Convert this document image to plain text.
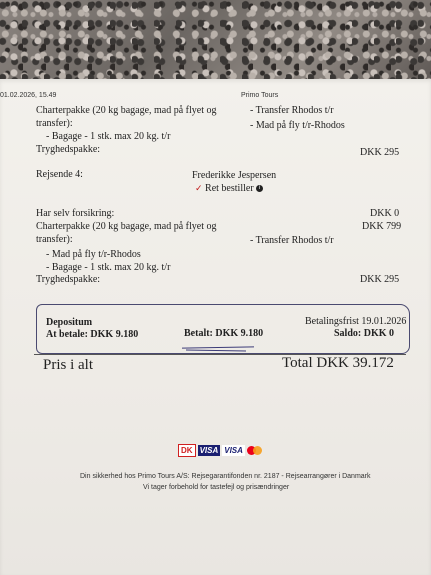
01.02.2026, 15.49	Primo Tours
Charterpakke (20 kg bagage, mad på flyet og
transfer):
- Bagage - 1 stk. max 20 kg. t/r
- Transfer Rhodos t/r
- Mad på fly t/r-Rhodos
Tryghedspakke:	DKK 295
Rejsende 4:	Frederikke Jespersen
✓ Ret bestiller i
Har selv forsikring:	DKK 0
Charterpakke (20 kg bagage, mad på flyet og	DKK 799
transfer):	- Transfer Rhodos t/r
- Mad på fly t/r-Rhodos
- Bagage - 1 stk. max 20 kg. t/r
Tryghedspakke:	DKK 295
Depositum	Betalingsfrist 19.01.2026
At betale: DKK 9.180	Betalt: DKK 9.180	Saldo: DKK 0
Pris i alt	Total DKK 39.172
DK VISA VISA
Din sikkerhed hos Primo Tours A/S: Rejsegarantifonden nr. 2187 - Rejsearrangører i Danmark
Vi tager forbehold for tastefejl og prisændringer
